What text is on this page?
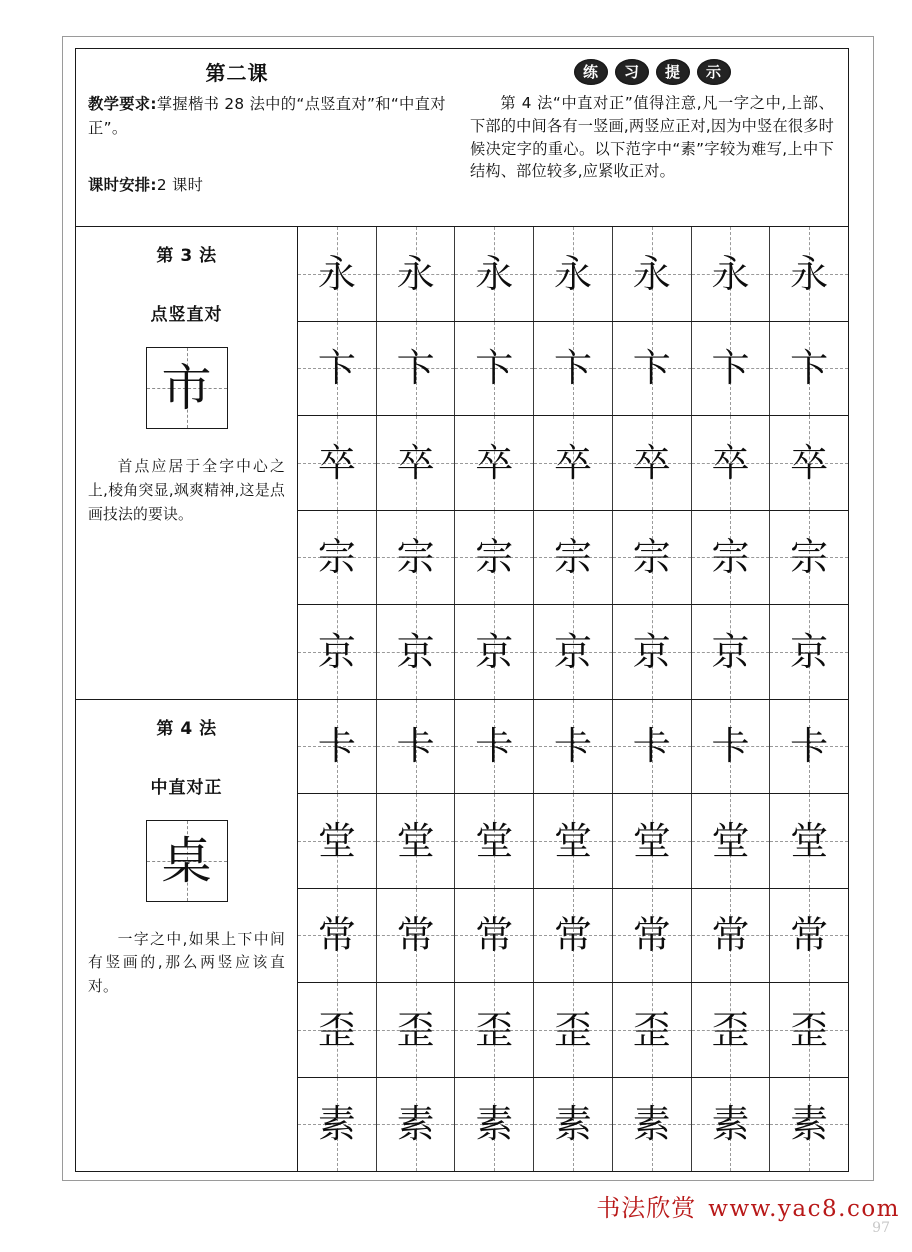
第二课
教学要求:掌握楷书 28 法中的“点竖直对”和“中直对正”。
课时安排:2 课时
练	习	提	示
第 4 法“中直对正”值得注意,凡一字之中,上部、下部的中间各有一竖画,两竖应正对,因为中竖在很多时候决定字的重心。以下范字中“素”字较为难写,上中下结构、部位较多,应紧收正对。
第 3 法
点竖直对
市
首点应居于全字中心之上,棱角突显,飒爽精神,这是点画技法的要诀。
永	永	永	永	永	永	永
卞	卞	卞	卞	卞	卞	卞
卒	卒	卒	卒	卒	卒	卒
宗	宗	宗	宗	宗	宗	宗
京	京	京	京	京	京	京
第 4 法
中直对正
桌
一字之中,如果上下中间有竖画的,那么两竖应该直对。
卡	卡	卡	卡	卡	卡	卡
堂	堂	堂	堂	堂	堂	堂
常	常	常	常	常	常	常
歪	歪	歪	歪	歪	歪	歪
素	素	素	素	素	素	素
书法欣赏 www.yac8.com
97
